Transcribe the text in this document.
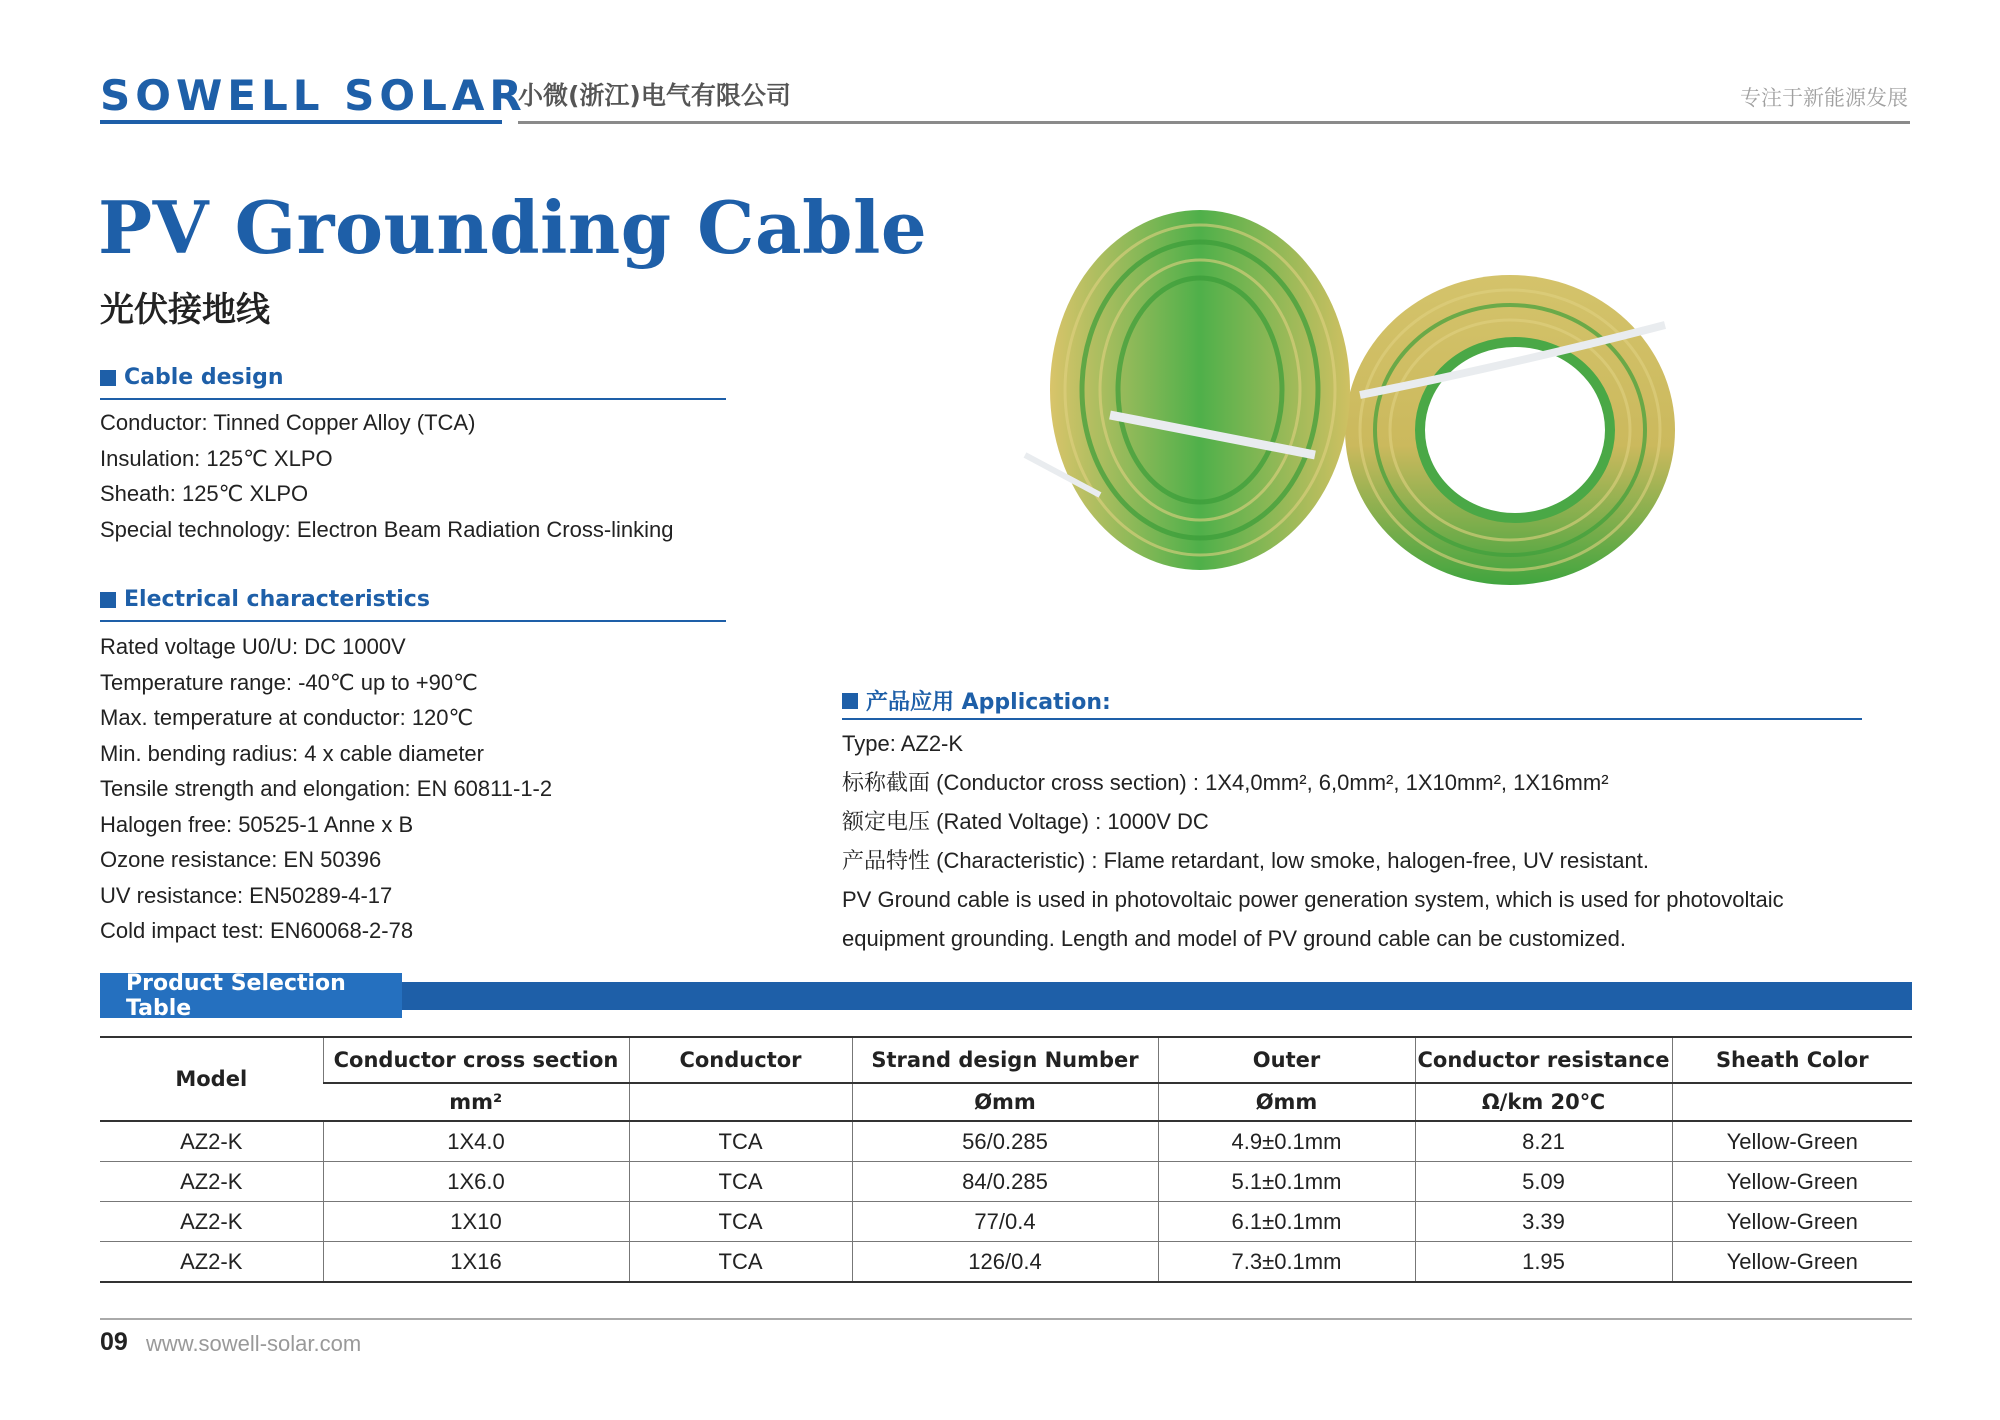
SOWELL SOLAR
小微(浙江)电气有限公司	专注于新能源发展
PV Grounding Cable
光伏接地线
Cable design
Conductor: Tinned Copper Alloy (TCA)
Insulation: 125℃ XLPO
Sheath: 125℃ XLPO
Special technology: Electron Beam Radiation Cross-linking
Electrical characteristics
Rated voltage U0/U: DC 1000V
Temperature range: -40℃ up to +90℃
Max. temperature at conductor: 120℃
Min. bending radius: 4 x cable diameter
Tensile strength and elongation: EN 60811-1-2
Halogen free: 50525-1 Anne x B
Ozone resistance: EN 50396
UV resistance: EN50289-4-17
Cold impact test: EN60068-2-78
产品应用 Application:
Type: AZ2-K
标称截面 (Conductor cross section) : 1X4,0mm², 6,0mm², 1X10mm², 1X16mm²
额定电压 (Rated Voltage) : 1000V DC
产品特性 (Characteristic) : Flame retardant, low smoke, halogen-free, UV resistant.
PV Ground cable is used in photovoltaic power generation system, which is used for photovoltaic
equipment grounding. Length and model of PV ground cable can be customized.
Product Selection Table
Model	Conductor cross section	Conductor	Strand design Number	Outer	Conductor resistance	Sheath Color
	mm²		Ømm	Ømm	Ω/km 20℃	
AZ2-K	1X4.0	TCA	56/0.285	4.9±0.1mm	8.21	Yellow-Green
AZ2-K	1X6.0	TCA	84/0.285	5.1±0.1mm	5.09	Yellow-Green
AZ2-K	1X10	TCA	77/0.4	6.1±0.1mm	3.39	Yellow-Green
AZ2-K	1X16	TCA	126/0.4	7.3±0.1mm	1.95	Yellow-Green
09 www.sowell-solar.com
